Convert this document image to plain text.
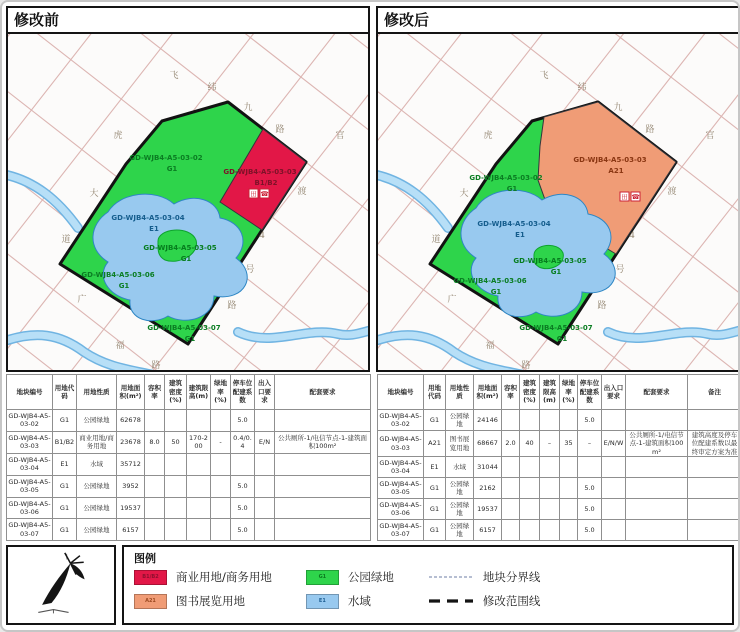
修改前
飞
纬
九
路
官
渡
4
号
路
虎
大
道
广
福
路
GD-WJB4-A5-03-02
G1	GD-WJB4-A5-03-03
B1/B2
田 ☎
GD-WJB4-A5-03-04
E1
GD-WJB4-A5-03-05
G1
GD-WJB4-A5-03-06
G1
GD-WJB4-A5-03-07
G1
修改后
飞
纬
九
路
官
渡
4
号
路
虎
大
道
广
福
路
GD-WJB4-A5-03-02
G1
GD-WJB4-A5-03-03
A21
田 ☎
GD-WJB4-A5-03-04
E1
GD-WJB4-A5-03-05
G1
GD-WJB4-A5-03-06
G1
GD-WJB4-A5-03-07
G1
地块编号	用地代码	用地性质	用地面积(m²)	容积率	建筑密度(%)	建筑限高(m)	绿地率(%)	停车位配建系数	出入口要求	配套要求
GD-WJB4-A5-03-02	G1	公园绿地	62678					5.0		
GD-WJB4-A5-03-03	B1/B2	商业用地/商务用地	23678	8.0	50	170-200	-	0.4/0.4	E/N	公共厕所-1/电信节点-1-建筑面积100m²
GD-WJB4-A5-03-04	E1	水域	35712							
GD-WJB4-A5-03-05	G1	公园绿地	3952					5.0		
GD-WJB4-A5-03-06	G1	公园绿地	19537					5.0		
GD-WJB4-A5-03-07	G1	公园绿地	6157					5.0		
地块编号	用地代码	用地性质	用地面积(m²)	容积率	建筑密度(%)	建筑限高(m)	绿地率(%)	停车位配建系数	出入口要求	配套要求	备注
GD-WJB4-A5-03-02	G1	公园绿地	24146					5.0			
GD-WJB4-A5-03-03	A21	图书展览用地	68667	2.0	40	–	35	–	E/N/W	公共厕所-1/电信节点-1-建筑面积100m²	建筑高度及停车位配建系数以最终审定方案为准
GD-WJB4-A5-03-04	E1	水域	31044								
GD-WJB4-A5-03-05	G1	公园绿地	2162					5.0			
GD-WJB4-A5-03-06	G1	公园绿地	19537					5.0			
GD-WJB4-A5-03-07	G1	公园绿地	6157					5.0			
图例
B1/B2	商业用地/商务用地
A21	图书展览用地
G1	公园绿地
E1	水域
地块分界线
修改范围线
